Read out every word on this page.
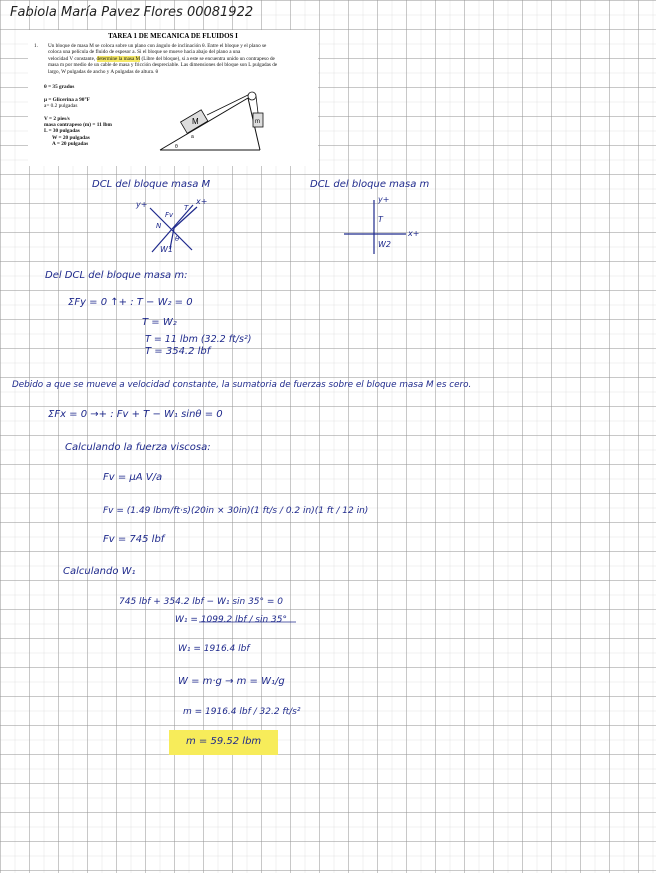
Fabiola María Pavez Flores 00081922
TAREA 1 DE MECANICA DE FLUIDOS I
1.	Un bloque de masa M se coloca sobre un plano con ángulo de inclinación θ. Entre el bloque y el plano se
coloca una película de fluido de espesor a. Si el bloque se mueve hacia abajo del plano a una
velocidad V constante, determine la masa M (Libre del bloque), si a este se encuentra unido un contrapeso de
masa m por medio de un cable de masa y fricción despreciable. Las dimensiones del bloque son L pulgadas de
largo, W pulgadas de ancho y A pulgadas de altura. θ
θ = 35 grados
μ = Glicerina a 90°F
a= 0.2 pulgadas
V = 2 pies/s
masa contrapeso (m) = 11 lbm
L = 30 pulgadas
W = 20 pulgadas
A = 20 pulgadas
M	m
θ
a
DCL del bloque masa M	DCL del bloque masa m
y+	x+
Fv
T
N
θ
W1
y+
x+
T
W2
Del DCL del bloque masa m:
ΣFy = 0 ↑+ : T − W₂ = 0
T = W₂
T = 11 lbm (32.2 ft/s²)
T = 354.2 lbf
Debido a que se mueve a velocidad constante, la sumatoria de fuerzas sobre el bloque masa M es cero.
ΣFx = 0 →+ : Fv + T − W₁ sinθ = 0
Calculando la fuerza viscosa:
Fv = μA V/a
Fv = (1.49 lbm/ft·s)(20in × 30in)(1 ft/s / 0.2 in)(1 ft / 12 in)
Fv = 745 lbf
Calculando W₁
745 lbf + 354.2 lbf − W₁ sin 35° = 0
W₁ = 1099.2 lbf / sin 35°
W₁ = 1916.4 lbf
W = m·g → m = W₁/g
m = 1916.4 lbf / 32.2 ft/s²
m = 59.52 lbm
